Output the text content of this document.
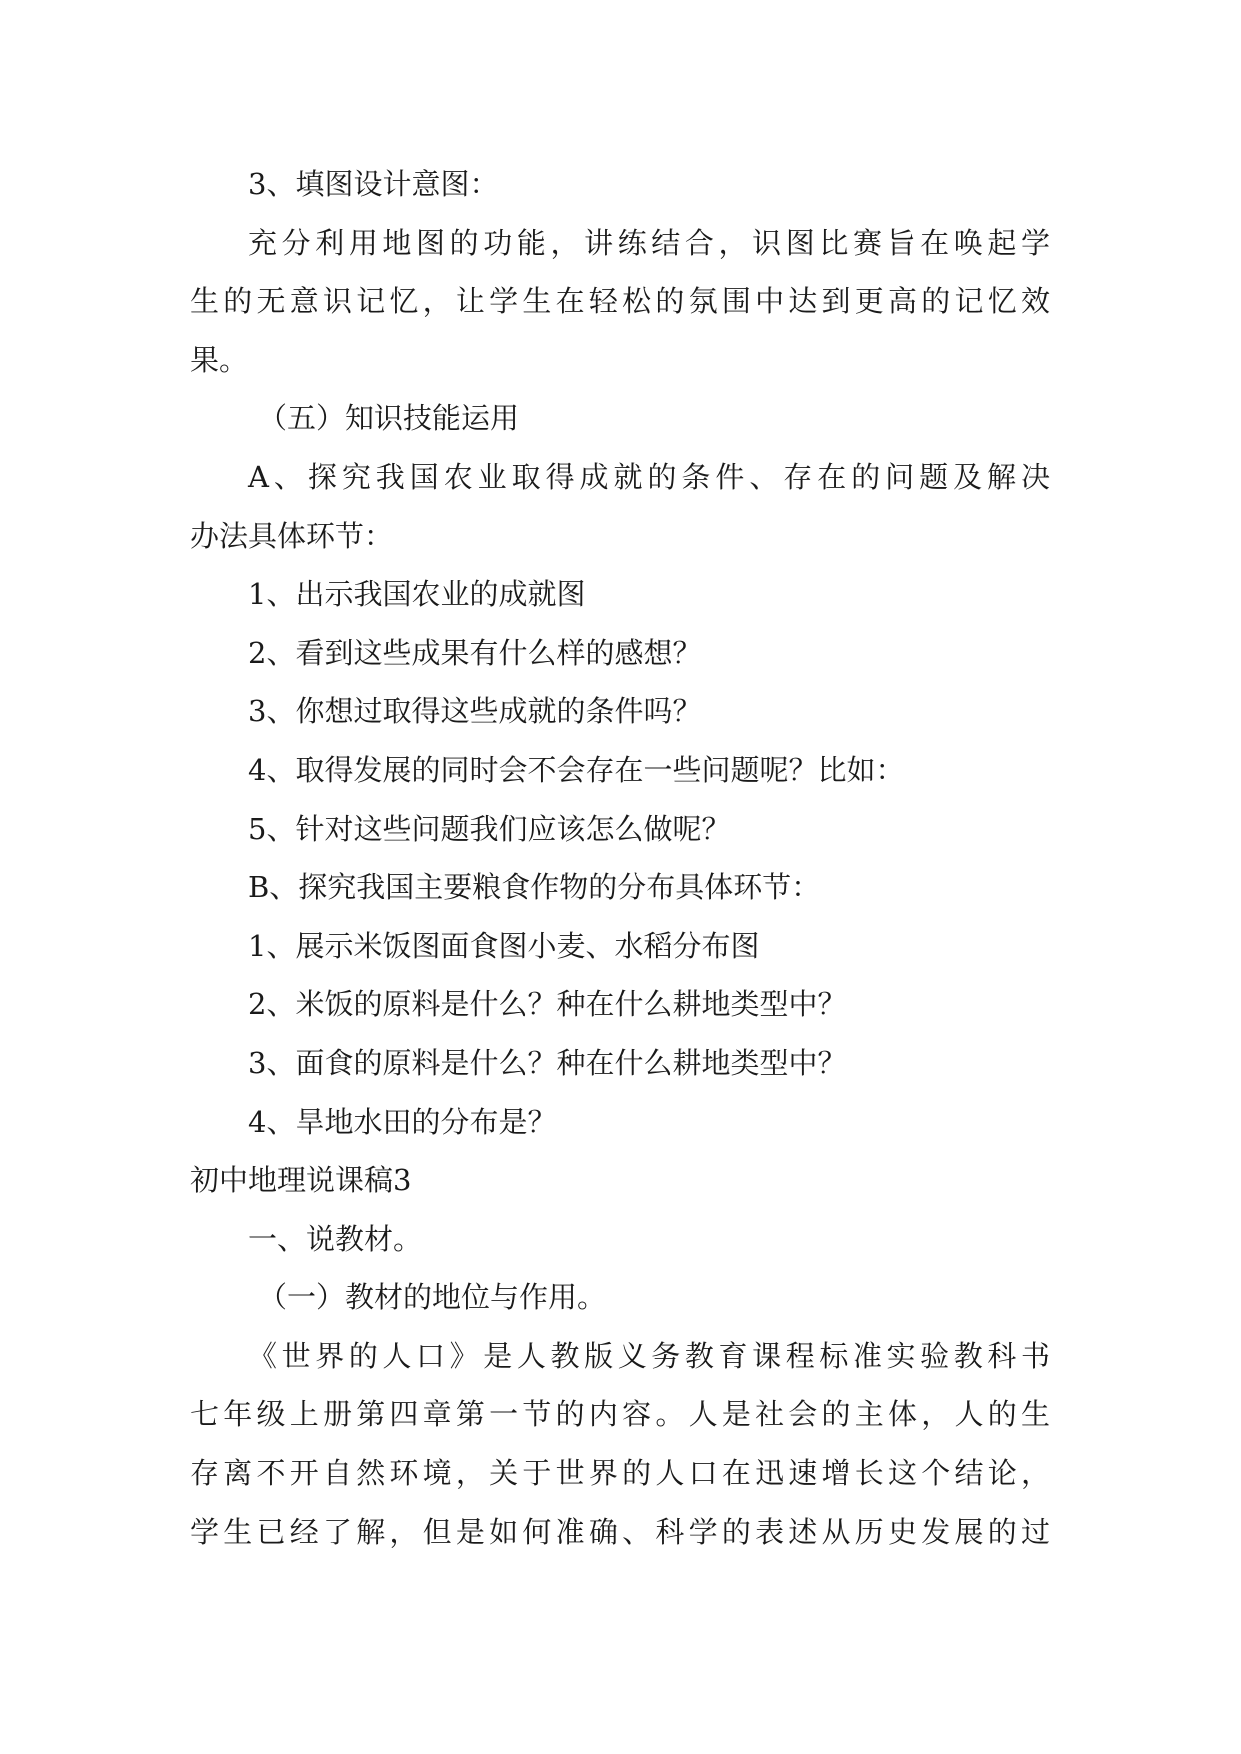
3、填图设计意图：
充分利用地图的功能，讲练结合，识图比赛旨在唤起学
生的无意识记忆，让学生在轻松的氛围中达到更高的记忆效
果。
（五）知识技能运用
A、探究我国农业取得成就的条件、存在的问题及解决
办法具体环节：
1、出示我国农业的成就图
2、看到这些成果有什么样的感想？
3、你想过取得这些成就的条件吗？
4、取得发展的同时会不会存在一些问题呢？比如：
5、针对这些问题我们应该怎么做呢？
B、探究我国主要粮食作物的分布具体环节：
1、展示米饭图面食图小麦、水稻分布图
2、米饭的原料是什么？种在什么耕地类型中？
3、面食的原料是什么？种在什么耕地类型中？
4、旱地水田的分布是？
初中地理说课稿3
一、说教材。
（一）教材的地位与作用。
《世界的人口》是人教版义务教育课程标准实验教科书
七年级上册第四章第一节的内容。人是社会的主体，人的生
存离不开自然环境，关于世界的人口在迅速增长这个结论，
学生已经了解，但是如何准确、科学的表述从历史发展的过
